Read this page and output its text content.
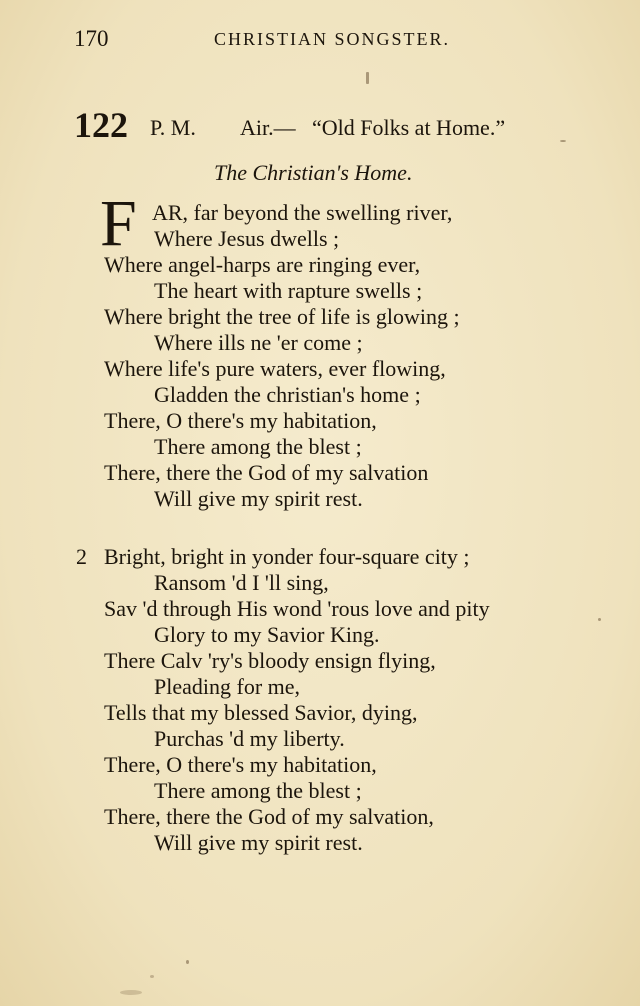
170	CHRISTIAN SONGSTER.
122 P. M. Air.— “Old Folks at Home.”
The Christian's Home.
F AR, far beyond the swelling river,
Where Jesus dwells ;
Where angel-harps are ringing ever,
The heart with rapture swells ;
Where bright the tree of life is glowing ;
Where ills ne 'er come ;
Where life's pure waters, ever flowing,
Gladden the christian's home ;
There, O there's my habitation,
There among the blest ;
There, there the God of my salvation
Will give my spirit rest.
2 Bright, bright in yonder four-square city ;
Ransom 'd I 'll sing,
Sav 'd through His wond 'rous love and pity
Glory to my Savior King.
There Calv 'ry's bloody ensign flying,
Pleading for me,
Tells that my blessed Savior, dying,
Purchas 'd my liberty.
There, O there's my habitation,
There among the blest ;
There, there the God of my salvation,
Will give my spirit rest.
